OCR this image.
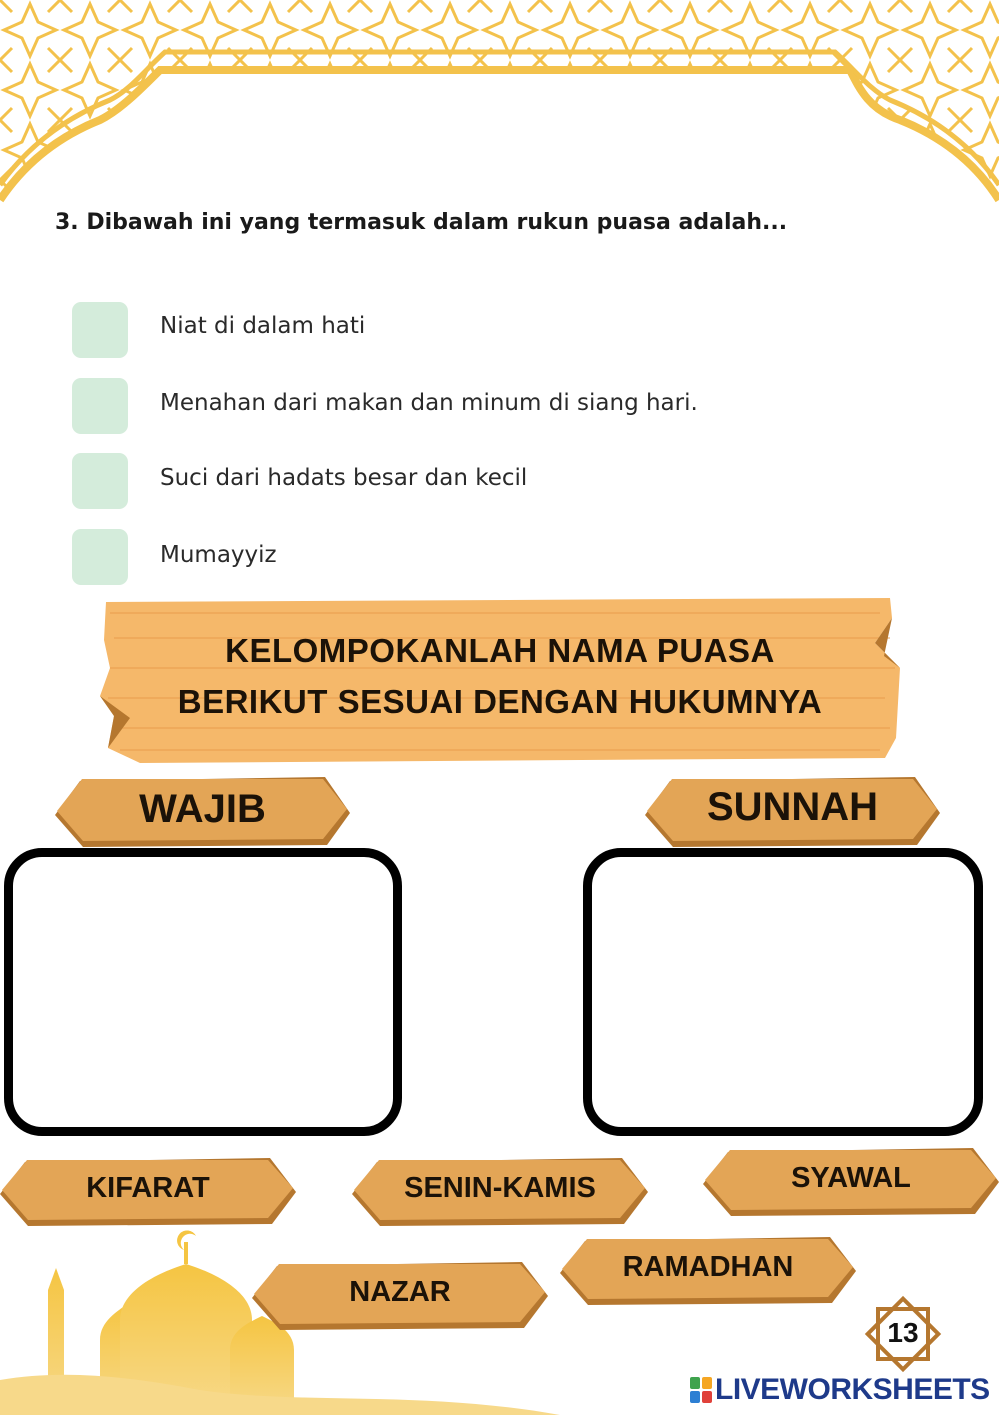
3. Dibawah ini yang termasuk dalam rukun puasa adalah...
Niat di dalam hati
Menahan dari makan dan minum di siang hari.
Suci dari hadats besar dan kecil
Mumayyiz
KELOMPOKANLAH NAMA PUASA
BERIKUT SESUAI DENGAN HUKUMNYA
WAJIB	SUNNAH
KIFARAT	SENIN-KAMIS	SYAWAL
NAZAR
RAMADHAN
13
LIVEWORKSHEETS
